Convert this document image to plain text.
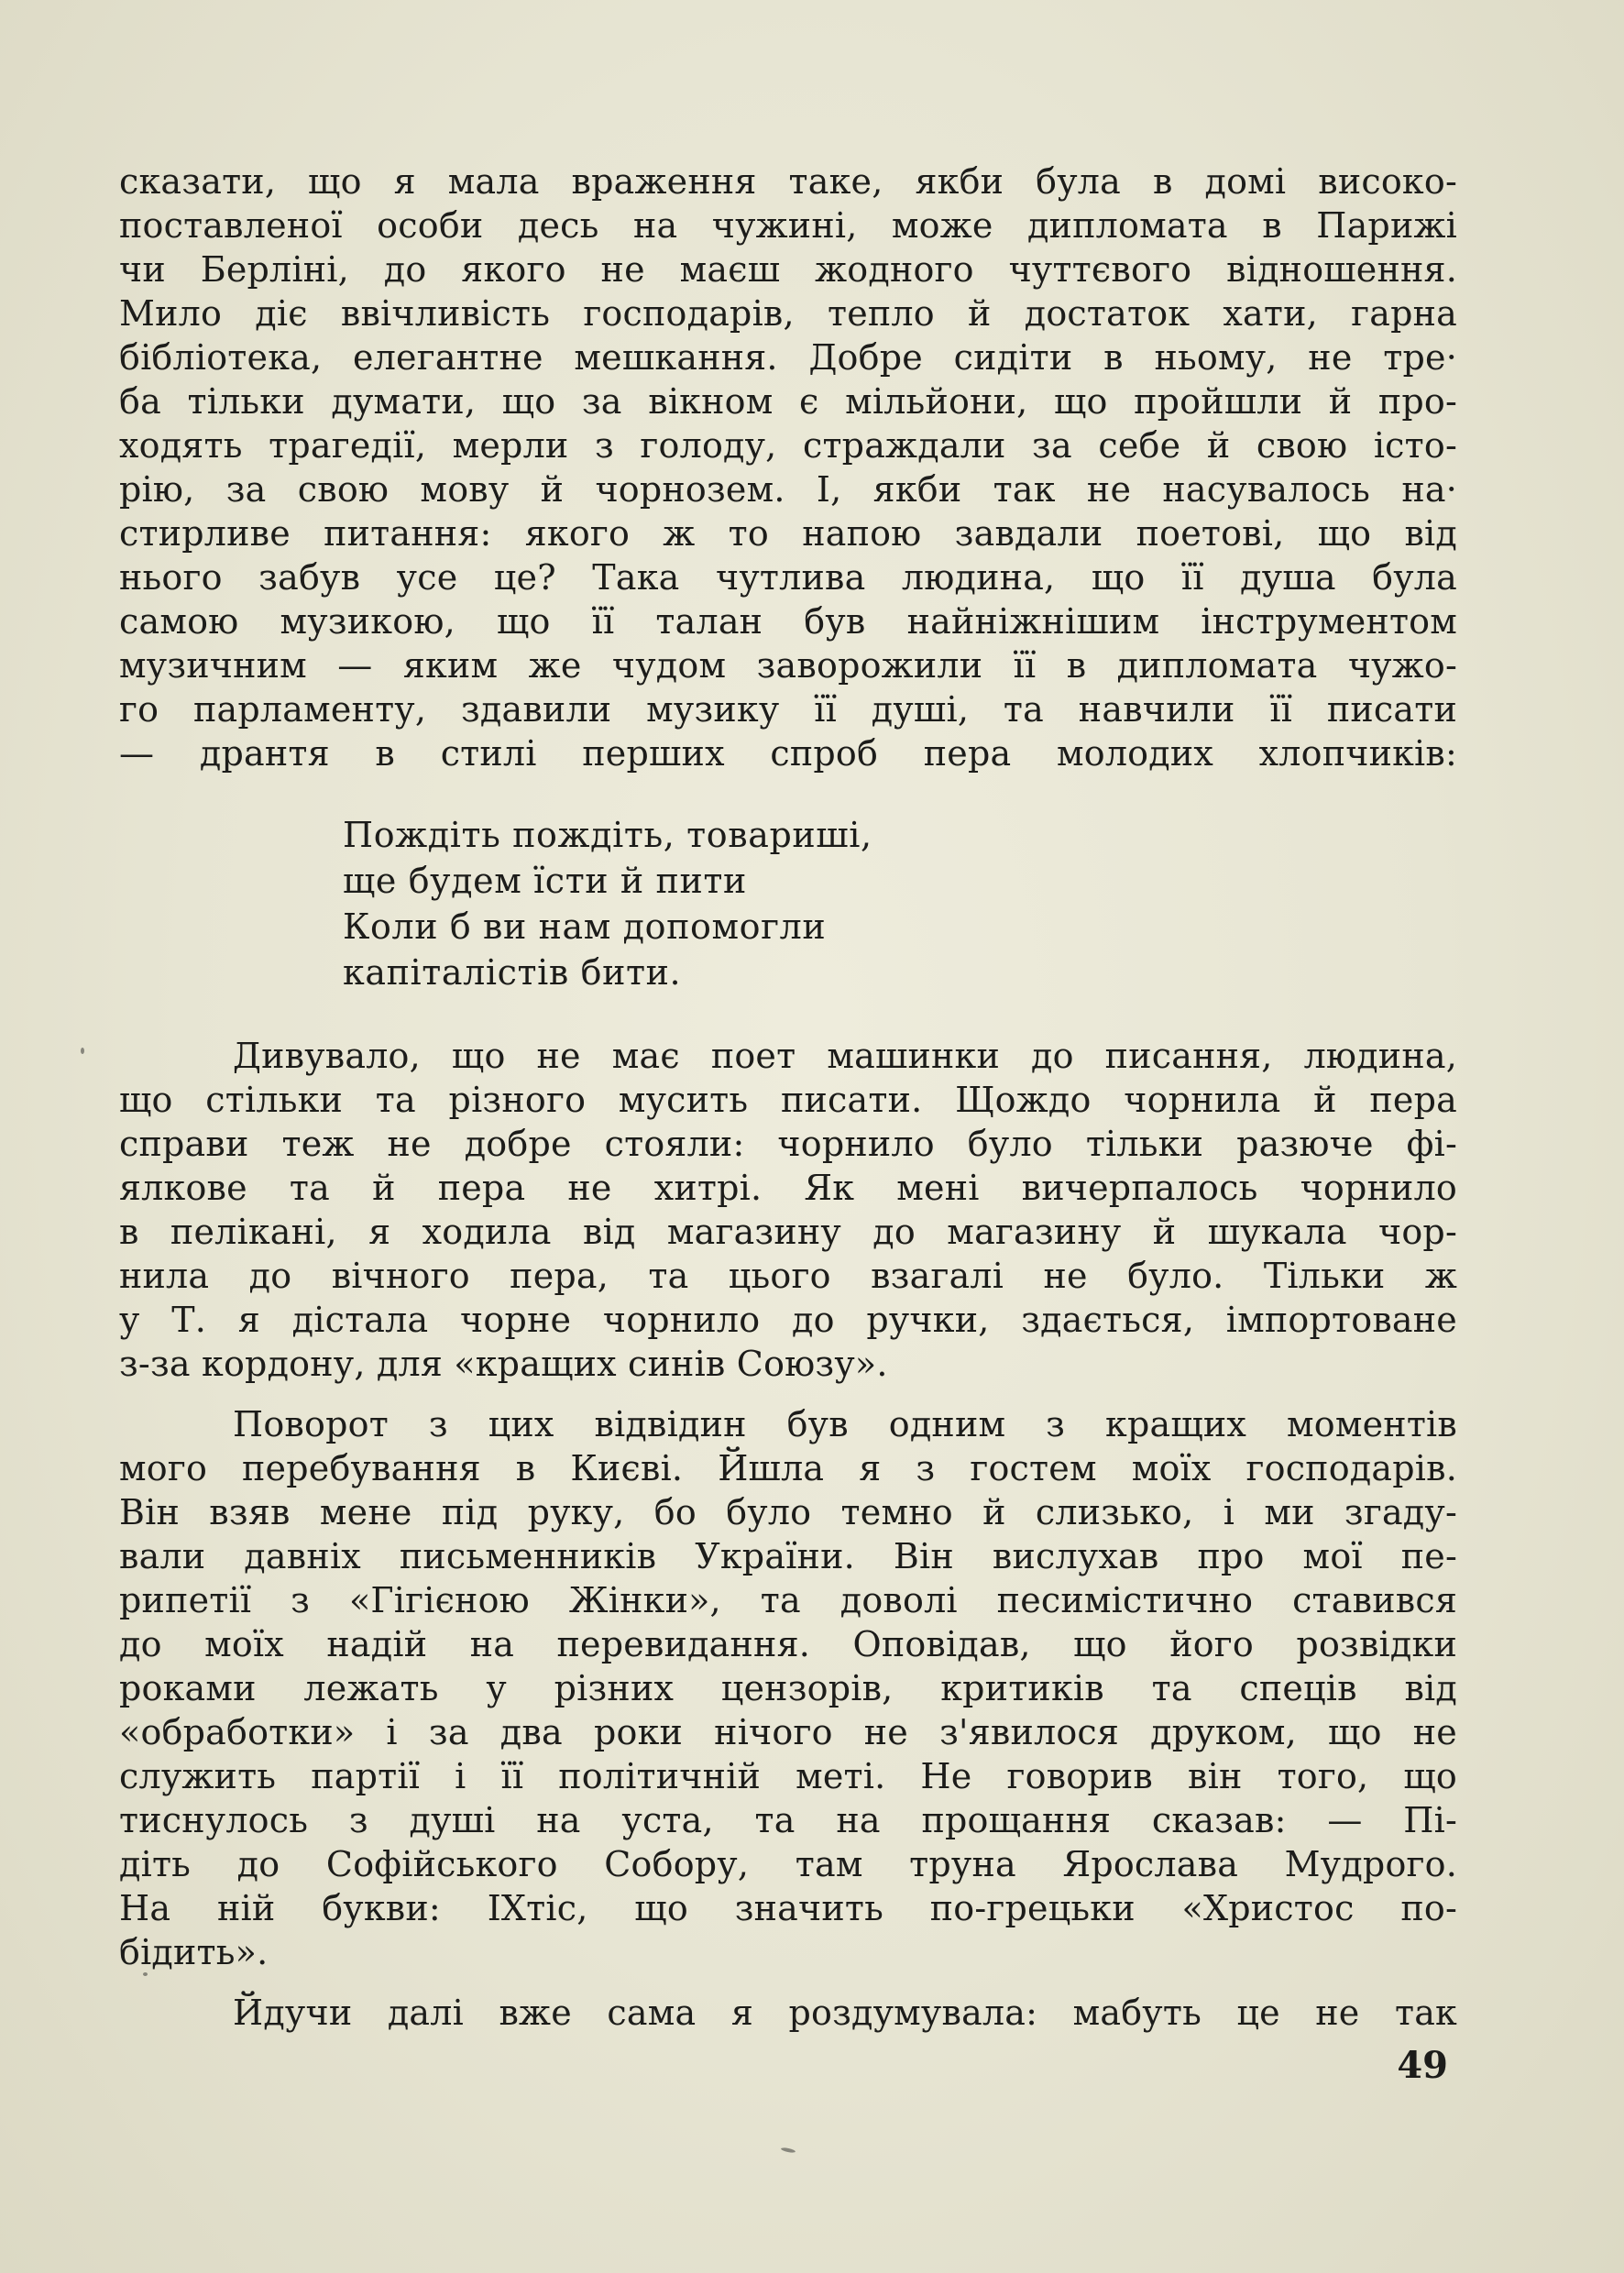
сказати, що я мала враження таке, якби була в домі високо-
поставленої особи десь на чужині, може дипломата в Парижі
чи Берліні, до якого не маєш жодного чуттєвого відношення.
Мило діє ввічливість господарів, тепло й достаток хати, гарна
бібліотека, елегантне мешкання. Добре сидіти в ньому, не тре·
ба тільки думати, що за вікном є мільйони, що пройшли й про-
ходять трагедії, мерли з голоду, страждали за себе й свою істо-
рію, за свою мову й чорнозем. І, якби так не насувалось на·
стирливе питання: якого ж то напою завдали поетові, що від
нього забув усе це? Така чутлива людина, що її душа була
самою музикою, що її талан був найніжнішим інструментом
музичним — яким же чудом заворожили її в дипломата чужо-
го парламенту, здавили музику її душі, та навчили її писати
— дрантя в стилі перших спроб пера молодих хлопчиків:
Пождіть пождіть, товариші,
ще будем їсти й пити
Коли б ви нам допомогли
капіталістів бити.
Дивувало, що не має поет машинки до писання, людина,
що стільки та різного мусить писати. Щождо чорнила й пера
справи теж не добре стояли: чорнило було тільки разюче фі-
ялкове та й пера не хитрі. Як мені вичерпалось чорнило
в пелікані, я ходила від магазину до магазину й шукала чор-
нила до вічного пера, та цього взагалі не було. Тільки ж
у Т. я дістала чорне чорнило до ручки, здається, імпортоване
з-за кордону, для «кращих синів Союзу».
Поворот з цих відвідин був одним з кращих моментів
мого перебування в Києві. Йшла я з гостем моїх господарів.
Він взяв мене під руку, бо було темно й слизько, і ми згаду-
вали давніх письменників України. Він вислухав про мої пе-
рипетії з «Гігієною Жінки», та доволі песимістично ставився
до моїх надій на перевидання. Оповідав, що його розвідки
роками лежать у різних цензорів, критиків та спеців від
«обработки» і за два роки нічого не з'явилося друком, що не
служить партії і її політичній меті. Не говорив він того, що
тиснулось з душі на уста, та на прощання сказав: — Пі-
діть до Софійського Собору, там труна Ярослава Мудрого.
На ній букви: ІХтіс, що значить по-грецьки «Христос по-
бідить».
Йдучи далі вже сама я роздумувала: мабуть це не так
49
